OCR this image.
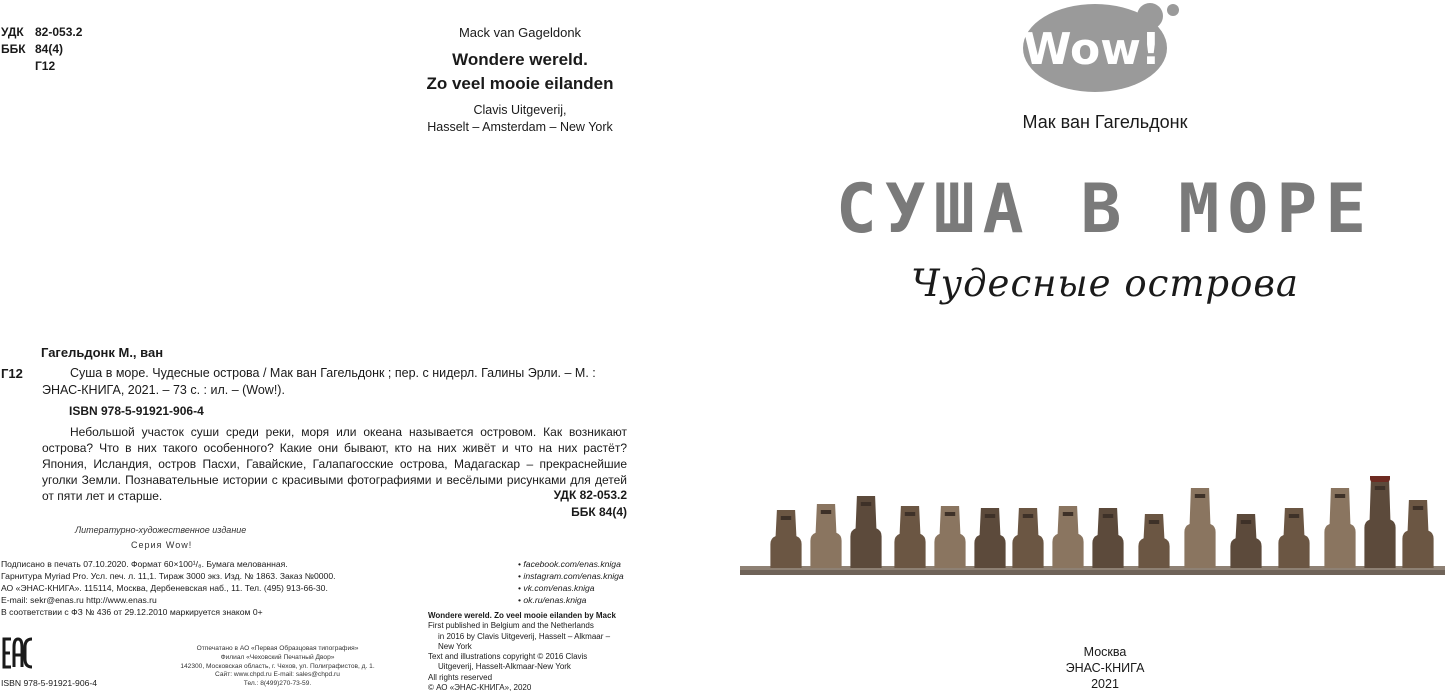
УДК 82-053.2
ББК 84(4)
Г12
Mack van Gageldonk
Wondere wereld.
Zo veel mooie eilanden
Clavis Uitgeverij,
Hasselt – Amsterdam – New York
Гагельдонк М., ван
Г12	Суша в море. Чудесные острова / Мак ван Гагельдонк ; пер. с нидерл. Галины Эрли. – М. :
ЭНАС-КНИГА, 2021. – 73 с. : ил. – (Wow!).
ISBN 978-5-91921-906-4

Небольшой участок суши среди реки, моря или океана называется островом. Как возникают острова? Что в них такого особенного? Какие они бывают, кто на них живёт и что на них растёт? Япония, Исландия, остров Пасхи, Гавайские, Галапагосские острова, Мадагаскар – прекраснейшие уголки Земли. Познавательные истории с красивыми фотографиями и весёлыми рисунками для детей от пяти лет и старше.	УДК 82-053.2
ББК 84(4)
Литературно-художественное издание
Серия Wow!
Подписано в печать 07.10.2020. Формат 60×100¹/₈. Бумага мелованная.
Гарнитура Myriad Pro. Усл. печ. л. 11,1. Тираж 3000 экз. Изд. № 1863. Заказ №0000.
АО «ЭНАС-КНИГА». 115114, Москва, Дербеневская наб., 11. Тел. (495) 913-66-30.
E-mail: sekr@enas.ru http://www.enas.ru
В соответствии с ФЗ № 436 от 29.12.2010 маркируется знаком 0+
• facebook.com/enas.kniga
• instagram.com/enas.kniga
• vk.com/enas.kniga
• ok.ru/enas.kniga
Wondere wereld. Zo veel mooie eilanden by Mack
First published in Belgium and the Netherlands
in 2016 by Clavis Uitgeverij, Hasselt – Alkmaar –
New York
Text and illustrations copyright © 2016 Clavis
Uitgeverij, Hasselt-Alkmaar-New York
All rights reserved
© АО «ЭНАС-КНИГА», 2020
Отпечатано в АО «Первая Образцовая типография»
Филиал «Чеховский Печатный Двор»
142300, Московская область, г. Чехов, ул. Полиграфистов, д. 1.
Сайт: www.chpd.ru E-mail: sales@chpd.ru
Тел.: 8(499)270-73-59.
ISBN 978-5-91921-906-4
Wow!
Мак ван Гагельдонк
СУША В МОРЕ
Чудесные острова
Москва
ЭНАС-КНИГА
2021
